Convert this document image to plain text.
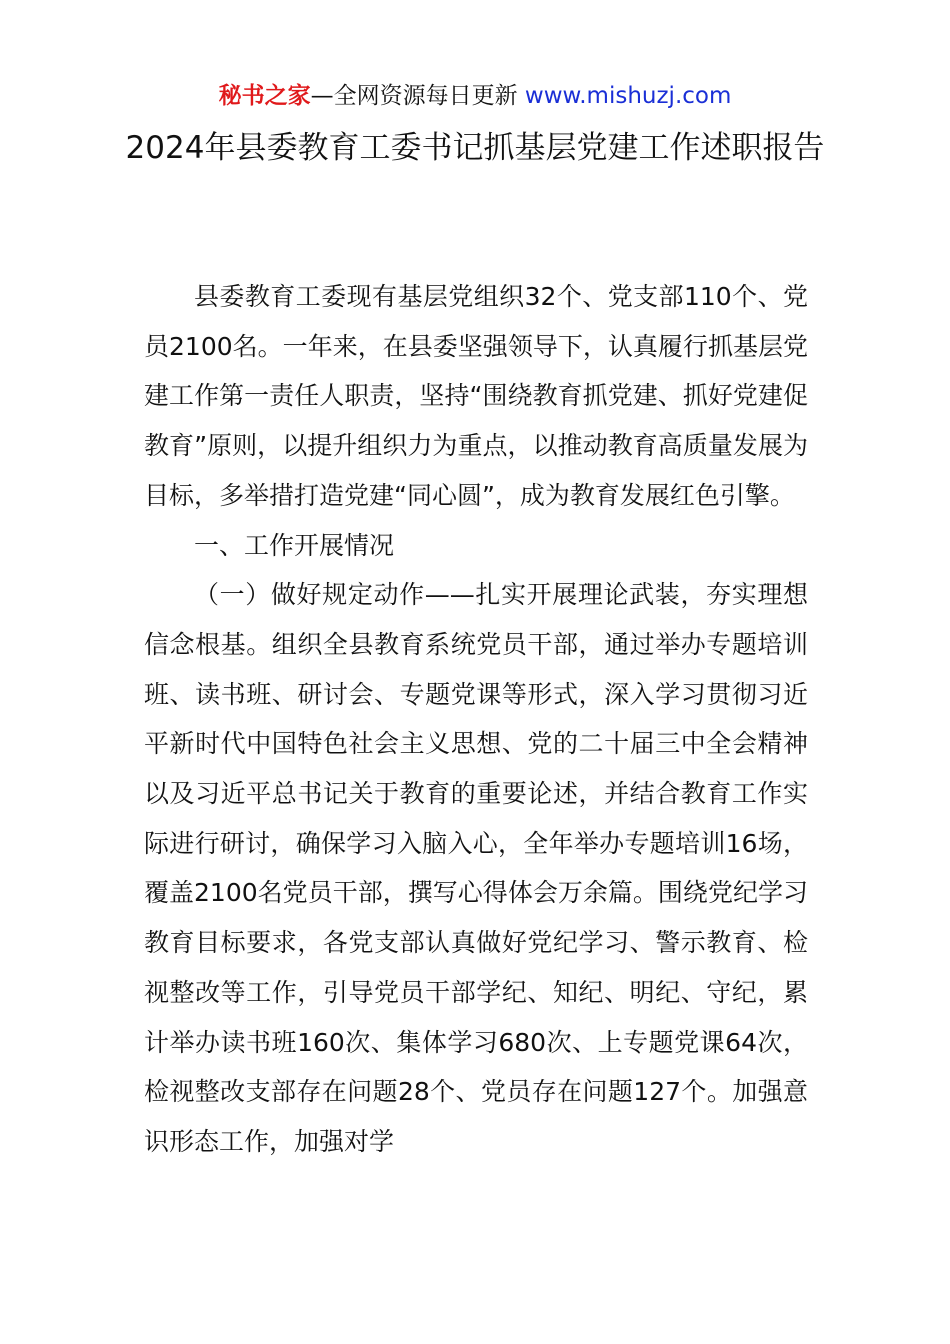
秘书之家—全网资源每日更新 www.mishuzj.com
2024年县委教育工委书记抓基层党建工作述职报告

县委教育工委现有基层党组织32个、党支部110个、党员2100名。一年来，在县委坚强领导下，认真履行抓基层党建工作第一责任人职责，坚持“围绕教育抓党建、抓好党建促教育”原则，以提升组织力为重点，以推动教育高质量发展为目标，多举措打造党建“同心圆”，成为教育发展红色引擎。

一、工作开展情况

（一）做好规定动作——扎实开展理论武装，夯实理想信念根基。组织全县教育系统党员干部，通过举办专题培训班、读书班、研讨会、专题党课等形式，深入学习贯彻习近平新时代中国特色社会主义思想、党的二十届三中全会精神以及习近平总书记关于教育的重要论述，并结合教育工作实际进行研讨，确保学习入脑入心，全年举办专题培训16场，覆盖2100名党员干部，撰写心得体会万余篇。围绕党纪学习教育目标要求，各党支部认真做好党纪学习、警示教育、检视整改等工作，引导党员干部学纪、知纪、明纪、守纪，累计举办读书班160次、集体学习680次、上专题党课64次，检视整改支部存在问题28个、党员存在问题127个。加强意识形态工作，加强对学
